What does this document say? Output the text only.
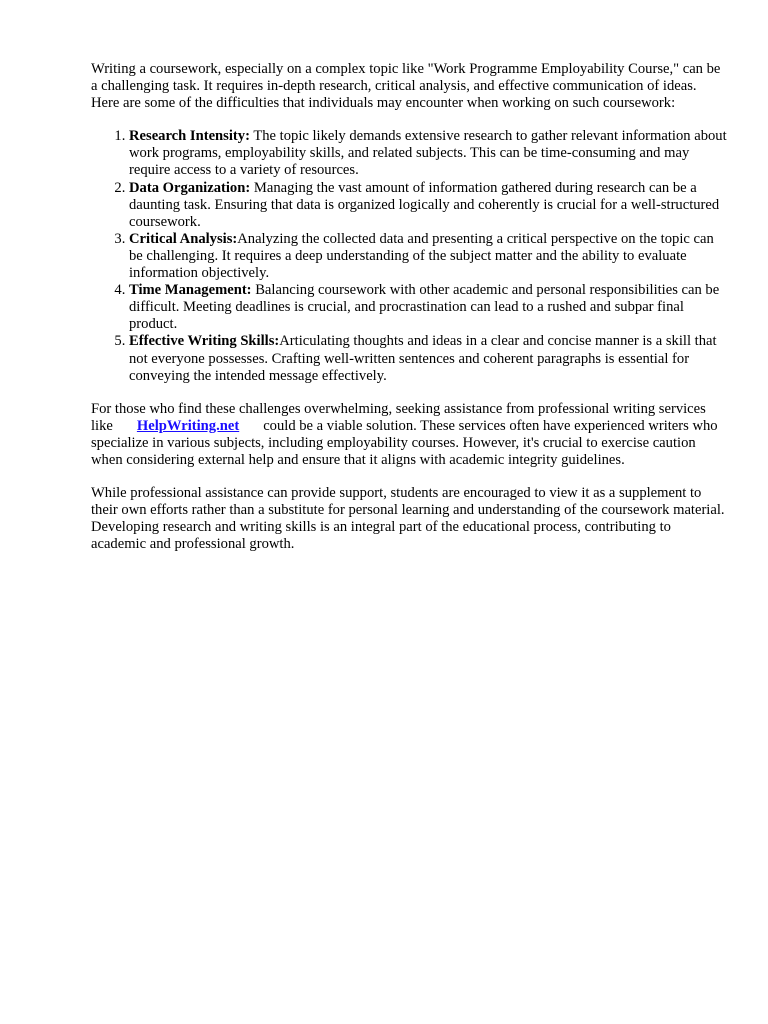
Writing a coursework, especially on a complex topic like "Work Programme Employability Course," can be a challenging task. It requires in-depth research, critical analysis, and effective communication of ideas. Here are some of the difficulties that individuals may encounter when working on such coursework:

1. Research Intensity: The topic likely demands extensive research to gather relevant information about work programs, employability skills, and related subjects. This can be time-consuming and may require access to a variety of resources.
2. Data Organization: Managing the vast amount of information gathered during research can be a daunting task. Ensuring that data is organized logically and coherently is crucial for a well-structured coursework.
3. Critical Analysis:Analyzing the collected data and presenting a critical perspective on the topic can be challenging. It requires a deep understanding of the subject matter and the ability to evaluate information objectively.
4. Time Management: Balancing coursework with other academic and personal responsibilities can be difficult. Meeting deadlines is crucial, and procrastination can lead to a rushed and subpar final product.
5. Effective Writing Skills:Articulating thoughts and ideas in a clear and concise manner is a skill that not everyone possesses. Crafting well-written sentences and coherent paragraphs is essential for conveying the intended message effectively.

For those who find these challenges overwhelming, seeking assistance from professional writing services like HelpWriting.net could be a viable solution. These services often have experienced writers who specialize in various subjects, including employability courses. However, it's crucial to exercise caution when considering external help and ensure that it aligns with academic integrity guidelines.

While professional assistance can provide support, students are encouraged to view it as a supplement to their own efforts rather than a substitute for personal learning and understanding of the coursework material. Developing research and writing skills is an integral part of the educational process, contributing to academic and professional growth.
